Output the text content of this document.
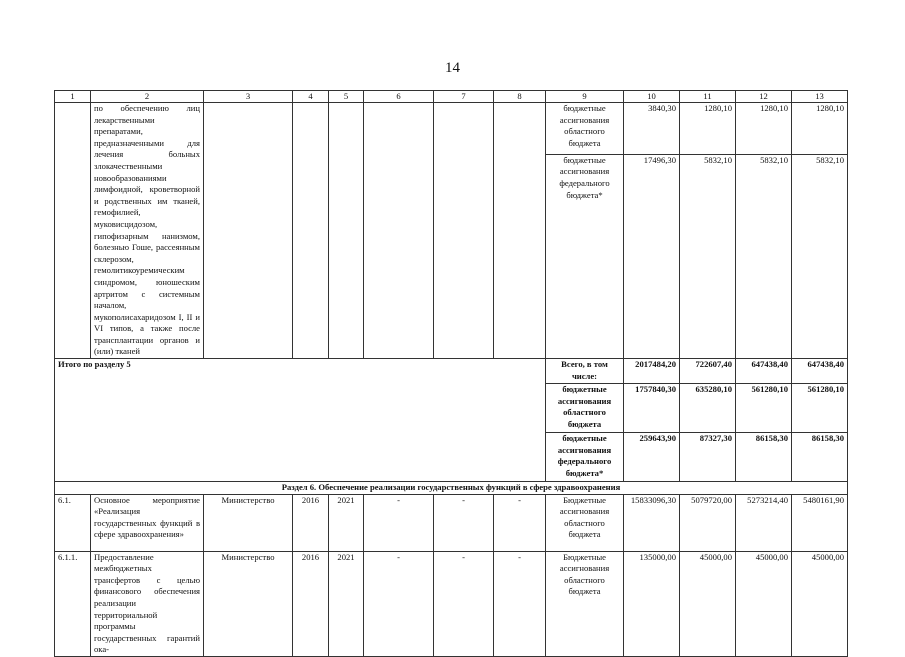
14
1	2	3	4	5	6	7	8	9	10	11	12	13
	по обеспечению лиц лекарственными препаратами, предназначенными для лечения больных злокачественными новообразованиями лимфоидной, кроветворной и родственных им тканей, гемофилией, муковисцидозом, гипофизарным нанизмом, болезнью Гоше, рассеянным склерозом, гемолитикоуремическим синдромом, юношеским артритом с системным началом, мукополисахаридозом I, II и VI типов, а также после трансплантации органов и (или) тканей							бюджетные ассигнования областного бюджета	3840,30	1280,10	1280,10	1280,10
								бюджетные ассигнования федерального бюджета*	17496,30	5832,10	5832,10	5832,10
Итого по разделу 5								Всего, в том числе:	2017484,20	722607,40	647438,40	647438,40
								бюджетные ассигнования областного бюджета	1757840,30	635280,10	561280,10	561280,10
								бюджетные ассигнования федерального бюджета*	259643,90	87327,30	86158,30	86158,30
Раздел 6. Обеспечение реализации государственных функций в сфере здравоохранения												
6.1.	Основное мероприятие «Реализация государственных функций в сфере здравоохранения»	Министерство	2016	2021	-	-	-	Бюджетные ассигнования областного бюджета	15833096,30	5079720,00	5273214,40	5480161,90
6.1.1.	Предоставление межбюджетных трансфертов с целью финансового обеспечения реализации территориальной программы государственных гарантий ока-	Министерство	2016	2021	-	-	-	Бюджетные ассигнования областного бюджета	135000,00	45000,00	45000,00	45000,00
